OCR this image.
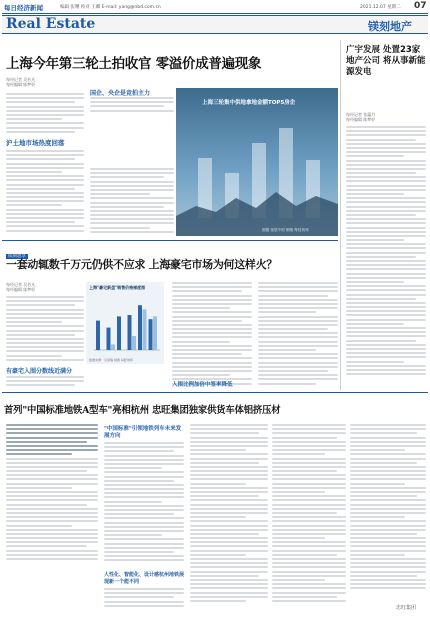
每日经济新闻	编辑 张曙 校对 王卿 E-mail: yang@nbd.com.cn	2021.12.07 星期二 07
Real Estate	镁刻地产
上海今年第三轮土拍收官 零溢价成普遍现象
每经记者 吴若凡
每经编辑 陈梦妤
沪土地市场热度回落
国企、央企是竞拍主力
上海三轮集中供地拿地金额TOP5房企
图据 视觉中国 制图 每经刘邦
广宇发展 处置23家地产公司 将从事新能源发电
每经记者 张蕴月
每经编辑 陈梦妤
镁刻思享
一套动辄数千万元仍供不应求 上海豪宅市场为何这样火？
每经记者 吴若凡
每经编辑 陈梦妤
有豪宅入围分数线近满分
上海"豪宅新盘"销售价格梯度图
数据来源：克而瑞 制图 每经刘邦
入围比例加倍中签率降低
首列"中国标准地铁A型车"亮相杭州 忠旺集团独家供货车体铝挤压材
"中国标准"引领地铁列车未来发展方向
人性化、智能化、设计感杭州地铁展现新一个能不同
忠旺集团
